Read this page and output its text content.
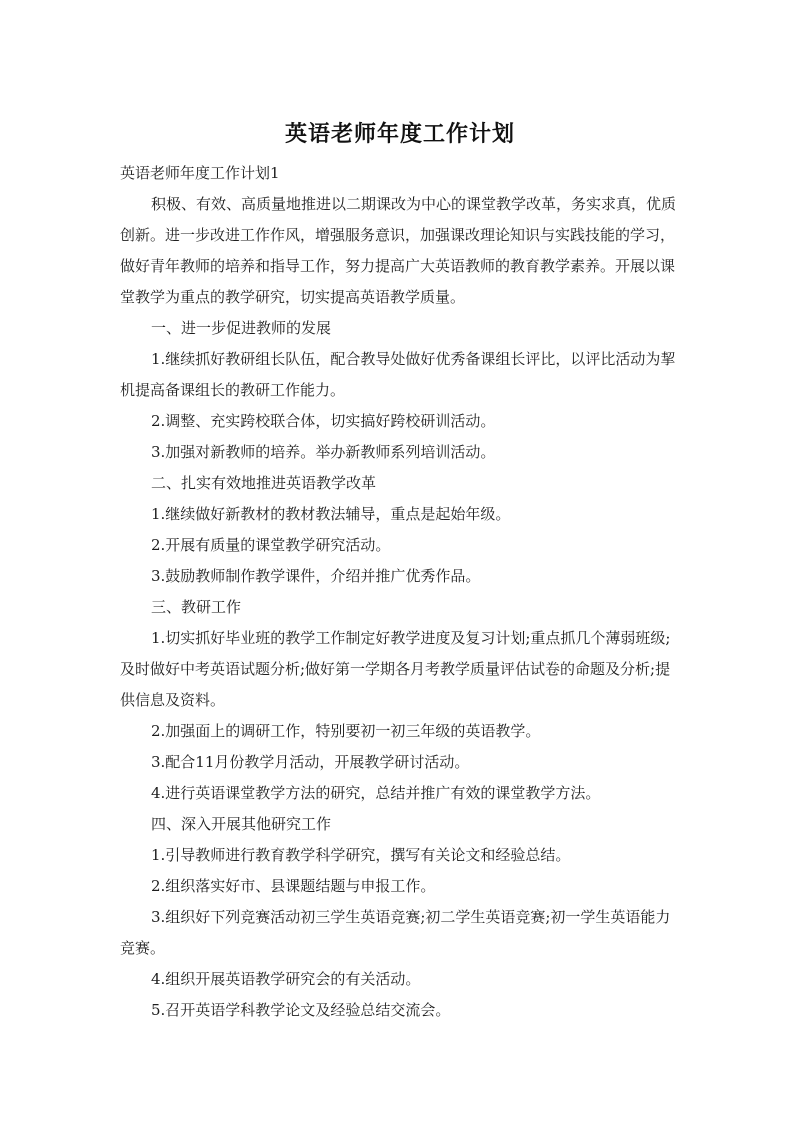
英语老师年度工作计划

英语老师年度工作计划1

积极、有效、高质量地推进以二期课改为中心的课堂教学改革，务实求真，优质创新。进一步改进工作作风，增强服务意识，加强课改理论知识与实践技能的学习，做好青年教师的培养和指导工作，努力提高广大英语教师的教育教学素养。开展以课堂教学为重点的教学研究，切实提高英语教学质量。

一、进一步促进教师的发展

1.继续抓好教研组长队伍，配合教导处做好优秀备课组长评比，以评比活动为挈机提高备课组长的教研工作能力。

2.调整、充实跨校联合体，切实搞好跨校研训活动。

3.加强对新教师的培养。举办新教师系列培训活动。

二、扎实有效地推进英语教学改革

1.继续做好新教材的教材教法辅导，重点是起始年级。

2.开展有质量的课堂教学研究活动。

3.鼓励教师制作教学课件，介绍并推广优秀作品。

三、教研工作

1.切实抓好毕业班的教学工作制定好教学进度及复习计划;重点抓几个薄弱班级;及时做好中考英语试题分析;做好第一学期各月考教学质量评估试卷的命题及分析;提供信息及资料。

2.加强面上的调研工作，特别要初一初三年级的英语教学。

3.配合11月份教学月活动，开展教学研讨活动。

4.进行英语课堂教学方法的研究，总结并推广有效的课堂教学方法。

四、深入开展其他研究工作

1.引导教师进行教育教学科学研究，撰写有关论文和经验总结。

2.组织落实好市、县课题结题与申报工作。

3.组织好下列竞赛活动初三学生英语竞赛;初二学生英语竞赛;初一学生英语能力竞赛。

4.组织开展英语教学研究会的有关活动。

5.召开英语学科教学论文及经验总结交流会。
